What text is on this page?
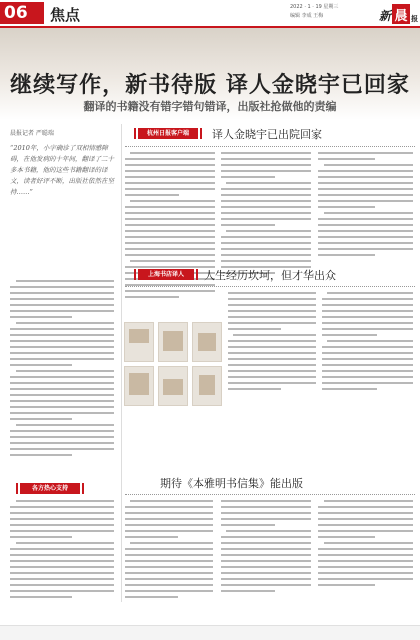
06	焦点	2022 · 1 · 19 星期三
编辑 李成 王梅	新 晨 报
继续写作，新书待版 译人金晓宇已回家
翻译的书籍没有错字错句错译，出版社抢做他的责编
晨报记者 严聪瑞

“2010年，小宇确诊了双相情感障碍，在他发病的十年间，翻译了二十多本书籍，他的这些书籍翻译的译文，读者好评不断，出版社依然在坚持……”

杭州日报客户端	译人金晓宇已出院回家
上海书店译人	人生经历坎坷，但才华出众
各方热心支持	期待《本雅明书信集》能出版
